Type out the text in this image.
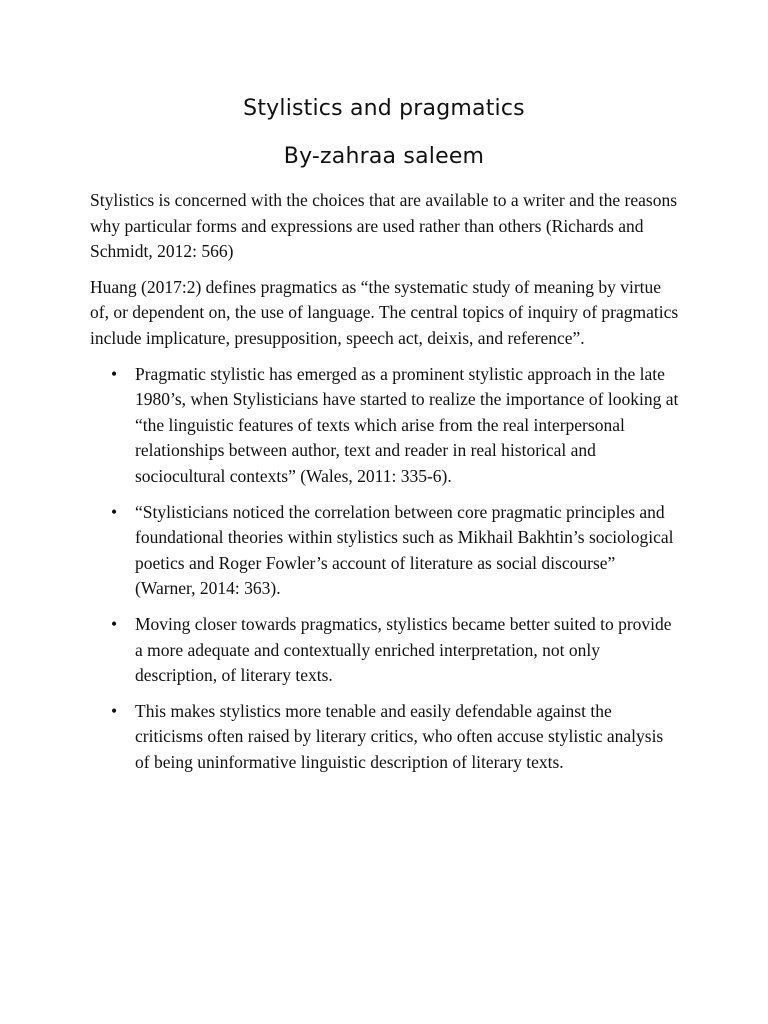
Stylistics and pragmatics
By-zahraa saleem

Stylistics is concerned with the choices that are available to a writer and the reasons why particular forms and expressions are used rather than others (Richards and Schmidt, 2012: 566)

Huang (2017:2) defines pragmatics as “the systematic study of meaning by virtue of, or dependent on, the use of language. The central topics of inquiry of pragmatics include implicature, presupposition, speech act, deixis, and reference”.

• Pragmatic stylistic has emerged as a prominent stylistic approach in the late 1980’s, when Stylisticians have started to realize the importance of looking at “the linguistic features of texts which arise from the real interpersonal relationships between author, text and reader in real historical and sociocultural contexts” (Wales, 2011: 335-6).
• “Stylisticians noticed the correlation between core pragmatic principles and foundational theories within stylistics such as Mikhail Bakhtin’s sociological poetics and Roger Fowler’s account of literature as social discourse” (Warner, 2014: 363).
• Moving closer towards pragmatics, stylistics became better suited to provide a more adequate and contextually enriched interpretation, not only description, of literary texts.
• This makes stylistics more tenable and easily defendable against the criticisms often raised by literary critics, who often accuse stylistic analysis of being uninformative linguistic description of literary texts.
